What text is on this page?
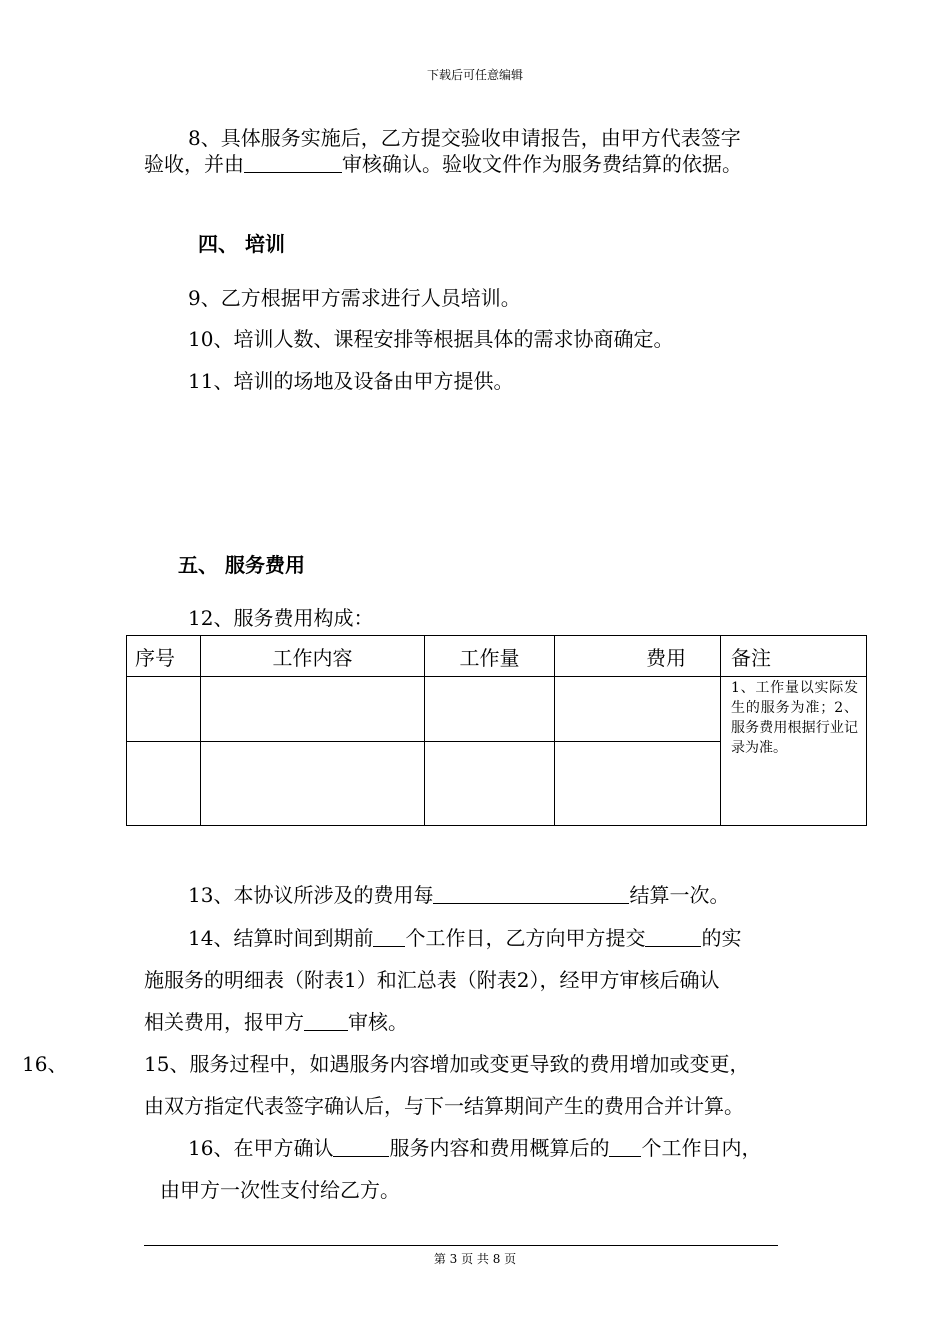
下载后可任意编辑
8、具体服务实施后，乙方提交验收申请报告，由甲方代表签字
验收，并由	审核确认。验收文件作为服务费结算的依据。
四、 培训
9、乙方根据甲方需求进行人员培训。
10、培训人数、课程安排等根据具体的需求协商确定。
11、培训的场地及设备由甲方提供。
五、 服务费用
12、服务费用构成：
序号	工作内容	工作量	费用	备注
				1、工作量以实际发生的服务为准；2、服务费用根据行业记录为准。

13、本协议所涉及的费用每	结算一次。
14、结算时间到期前 个工作日，乙方向甲方提交	的实
施服务的明细表（附表1）和汇总表（附表2），经甲方审核后确认
相关费用，报甲方 审核。
16、	15、服务过程中，如遇服务内容增加或变更导致的费用增加或变更，
由双方指定代表签字确认后，与下一结算期间产生的费用合并计算。
16、在甲方确认	服务内容和费用概算后的 个工作日内，
由甲方一次性支付给乙方。
第 3 页 共 8 页
